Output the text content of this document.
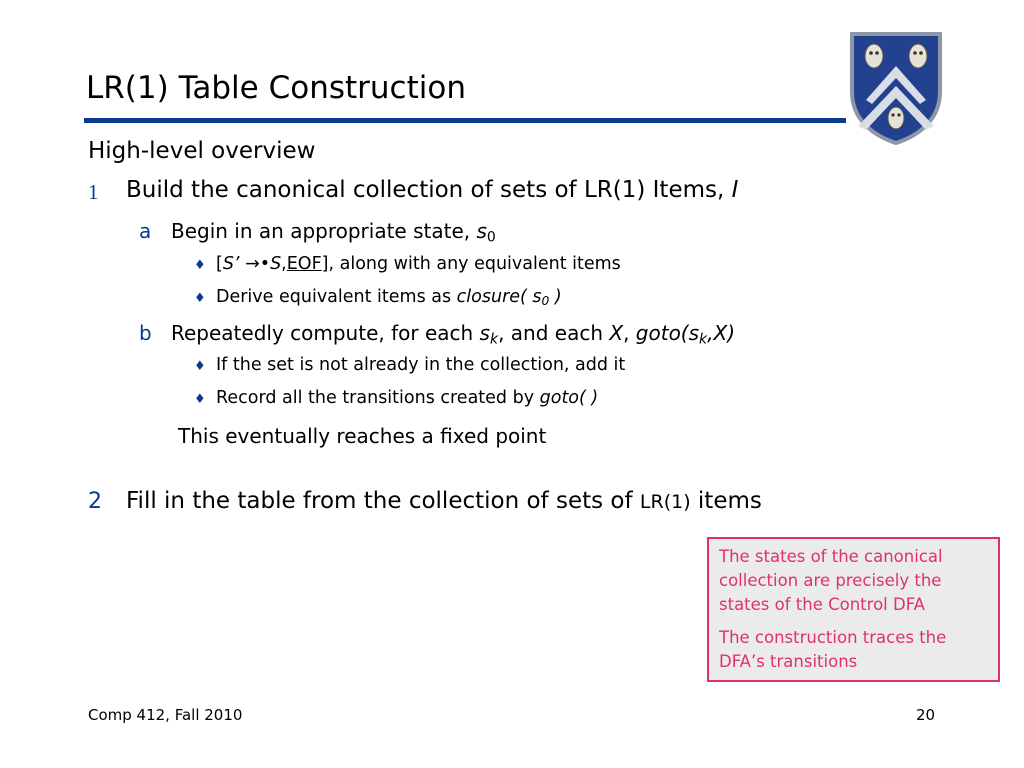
LR(1) Table Construction
High-level overview
1 Build the canonical collection of sets of LR(1) Items, I
a Begin in an appropriate state, $s_0$
♦ [S’ →•S,EOF], along with any equivalent items
♦ Derive equivalent items as closure( $s_0$ )
b Repeatedly compute, for each $s_k$, and each X, $goto(s_k,X)$
♦ If the set is not already in the collection, add it
♦ Record all the transitions created by goto( )
This eventually reaches a fixed point
2 Fill in the table from the collection of sets of LR(1) items

The states of the canonical collection are precisely the states of the Control DFA

The construction traces the DFA’s transitions

Comp 412, Fall 2010	20
